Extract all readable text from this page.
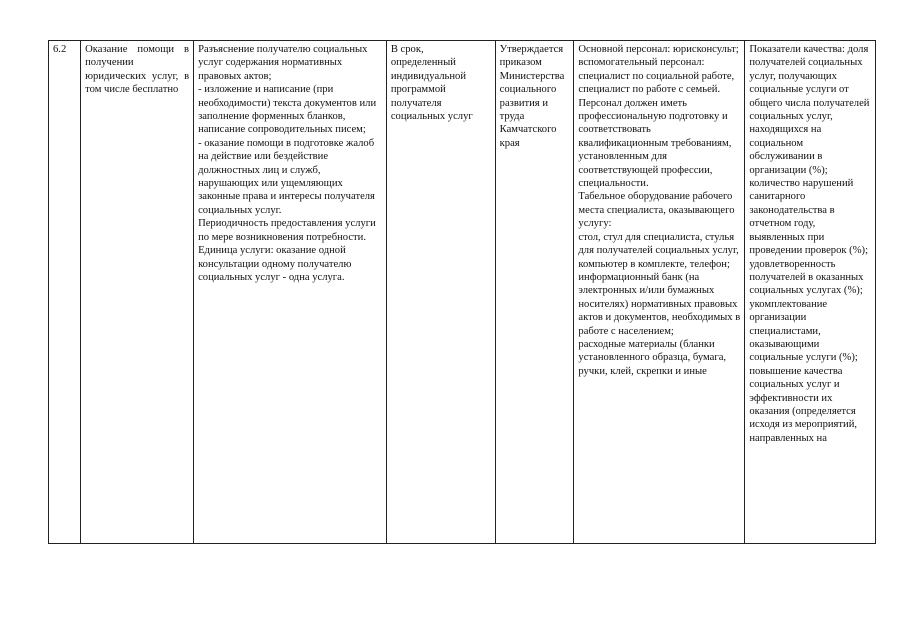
6.2	Оказание помощи в получении юридических услуг, в том числе бесплатно	Разъяснение получателю социальных услуг содержания нормативных правовых актов;
- изложение и написание (при необходимости) текста документов или заполнение форменных бланков, написание сопроводительных писем;
- оказание помощи в подготовке жалоб на действие или бездействие должностных лиц и служб, нарушающих или ущемляющих законные права и интересы получателя социальных услуг.
Периодичность предоставления услуги по мере возникновения потребности.
Единица услуги: оказание одной консультации одному получателю социальных услуг - одна услуга.	В срок, определенный индивидуальной программой получателя социальных услуг	Утверждается приказом Министерства социального развития и труда Камчатского края	Основной персонал: юрисконсульт;
вспомогательный персонал: специалист по социальной работе, специалист по работе с семьей.
Персонал должен иметь профессиональную подготовку и соответствовать квалификационным требованиям, установленным для соответствующей профессии, специальности.
Табельное оборудование рабочего места специалиста, оказывающего услугу:
стол, стул для специалиста, стулья для получателей социальных услуг, компьютер в комплекте, телефон;
информационный банк (на электронных и/или бумажных носителях) нормативных правовых актов и документов, необходимых в работе с населением;
расходные материалы (бланки установленного образца, бумага, ручки, клей, скрепки и иные	Показатели качества: доля получателей социальных услуг, получающих социальные услуги от общего числа получателей социальных услуг, находящихся на социальном обслуживании в организации (%);
количество нарушений санитарного законодательства в отчетном году, выявленных при проведении проверок (%);
удовлетворенность получателей в оказанных социальных услугах (%);
укомплектование организации специалистами, оказывающими социальные услуги (%);
повышение качества социальных услуг и эффективности их оказания (определяется исходя из мероприятий, направленных на
